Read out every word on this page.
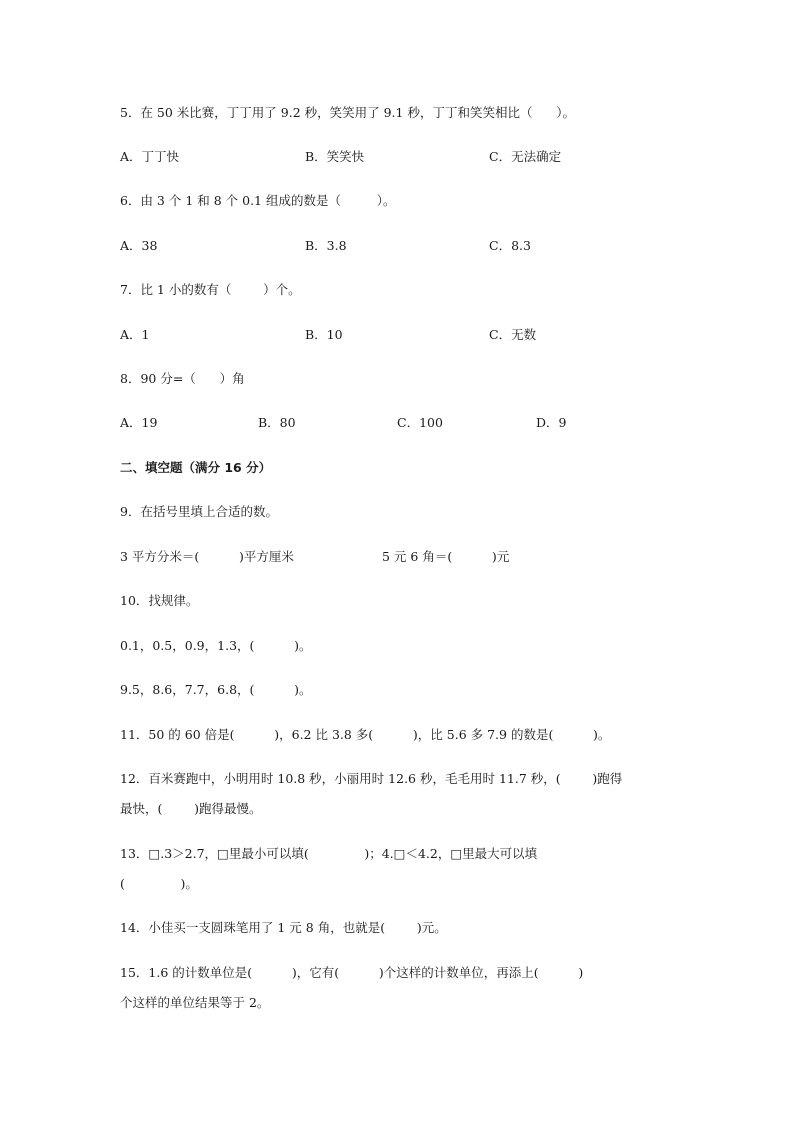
5．在 50 米比赛，丁丁用了 9.2 秒，笑笑用了 9.1 秒，丁丁和笑笑相比（      ）。
A．丁丁快	B．笑笑快	C．无法确定
6．由 3 个 1 和 8 个 0.1 组成的数是（         ）。
A．38	B．3.8	C．8.3
7．比 1 小的数有（        ）个。
A．1	B．10	C．无数
8．90 分=（      ）角
A．19	B．80	C．100	D．9
二、填空题（满分 16 分）
9．在括号里填上合适的数。
3 平方分米＝(          )平方厘米	5 元 6 角＝(          )元
10．找规律。
0.1，0.5，0.9，1.3，(          )。
9.5，8.6，7.7，6.8，(          )。
11．50 的 60 倍是(          )，6.2 比 3.8 多(          )，比 5.6 多 7.9 的数是(          )。
12．百米赛跑中，小明用时 10.8 秒，小丽用时 12.6 秒，毛毛用时 11.7 秒，(        )跑得
最快，(        )跑得最慢。
13．□.3＞2.7，□里最小可以填(              )；4.□＜4.2，□里最大可以填
(              )。
14．小佳买一支圆珠笔用了 1 元 8 角，也就是(        )元。
15．1.6 的计数单位是(          )，它有(          )个这样的计数单位，再添上(          )
个这样的单位结果等于 2。
